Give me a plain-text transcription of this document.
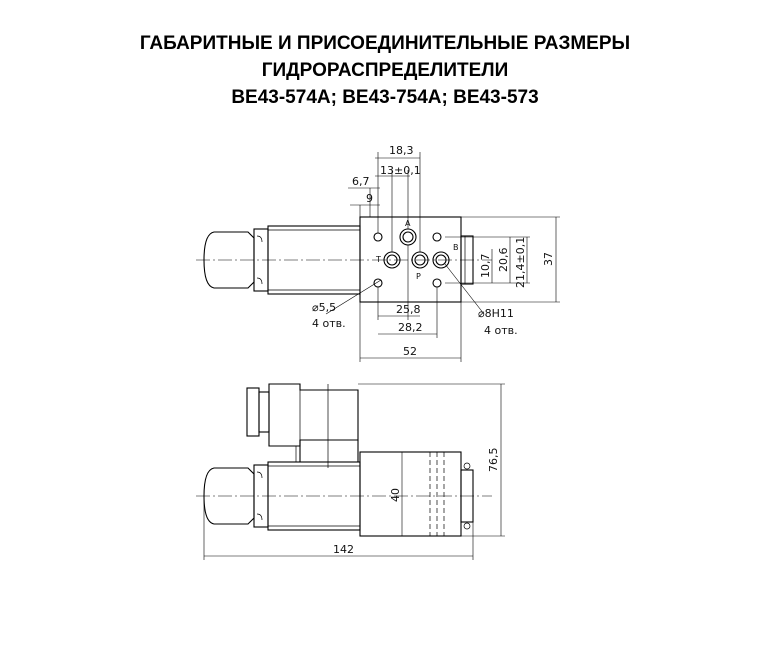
ГАБАРИТНЫЕ И ПРИСОЕДИНИТЕЛЬНЫЕ РАЗМЕРЫ
ГИДРОРАСПРЕДЕЛИТЕЛИ
ВЕ43-574А; ВЕ43-754А; ВЕ43-573
A
T
P
B
18,3
13±0,1
6,7
9
25,8
28,2
52
10,7 20,6 21,4±0,1 37
⌀5,5
4 отв.
⌀8Н11
4 отв.
40
76,5
142
